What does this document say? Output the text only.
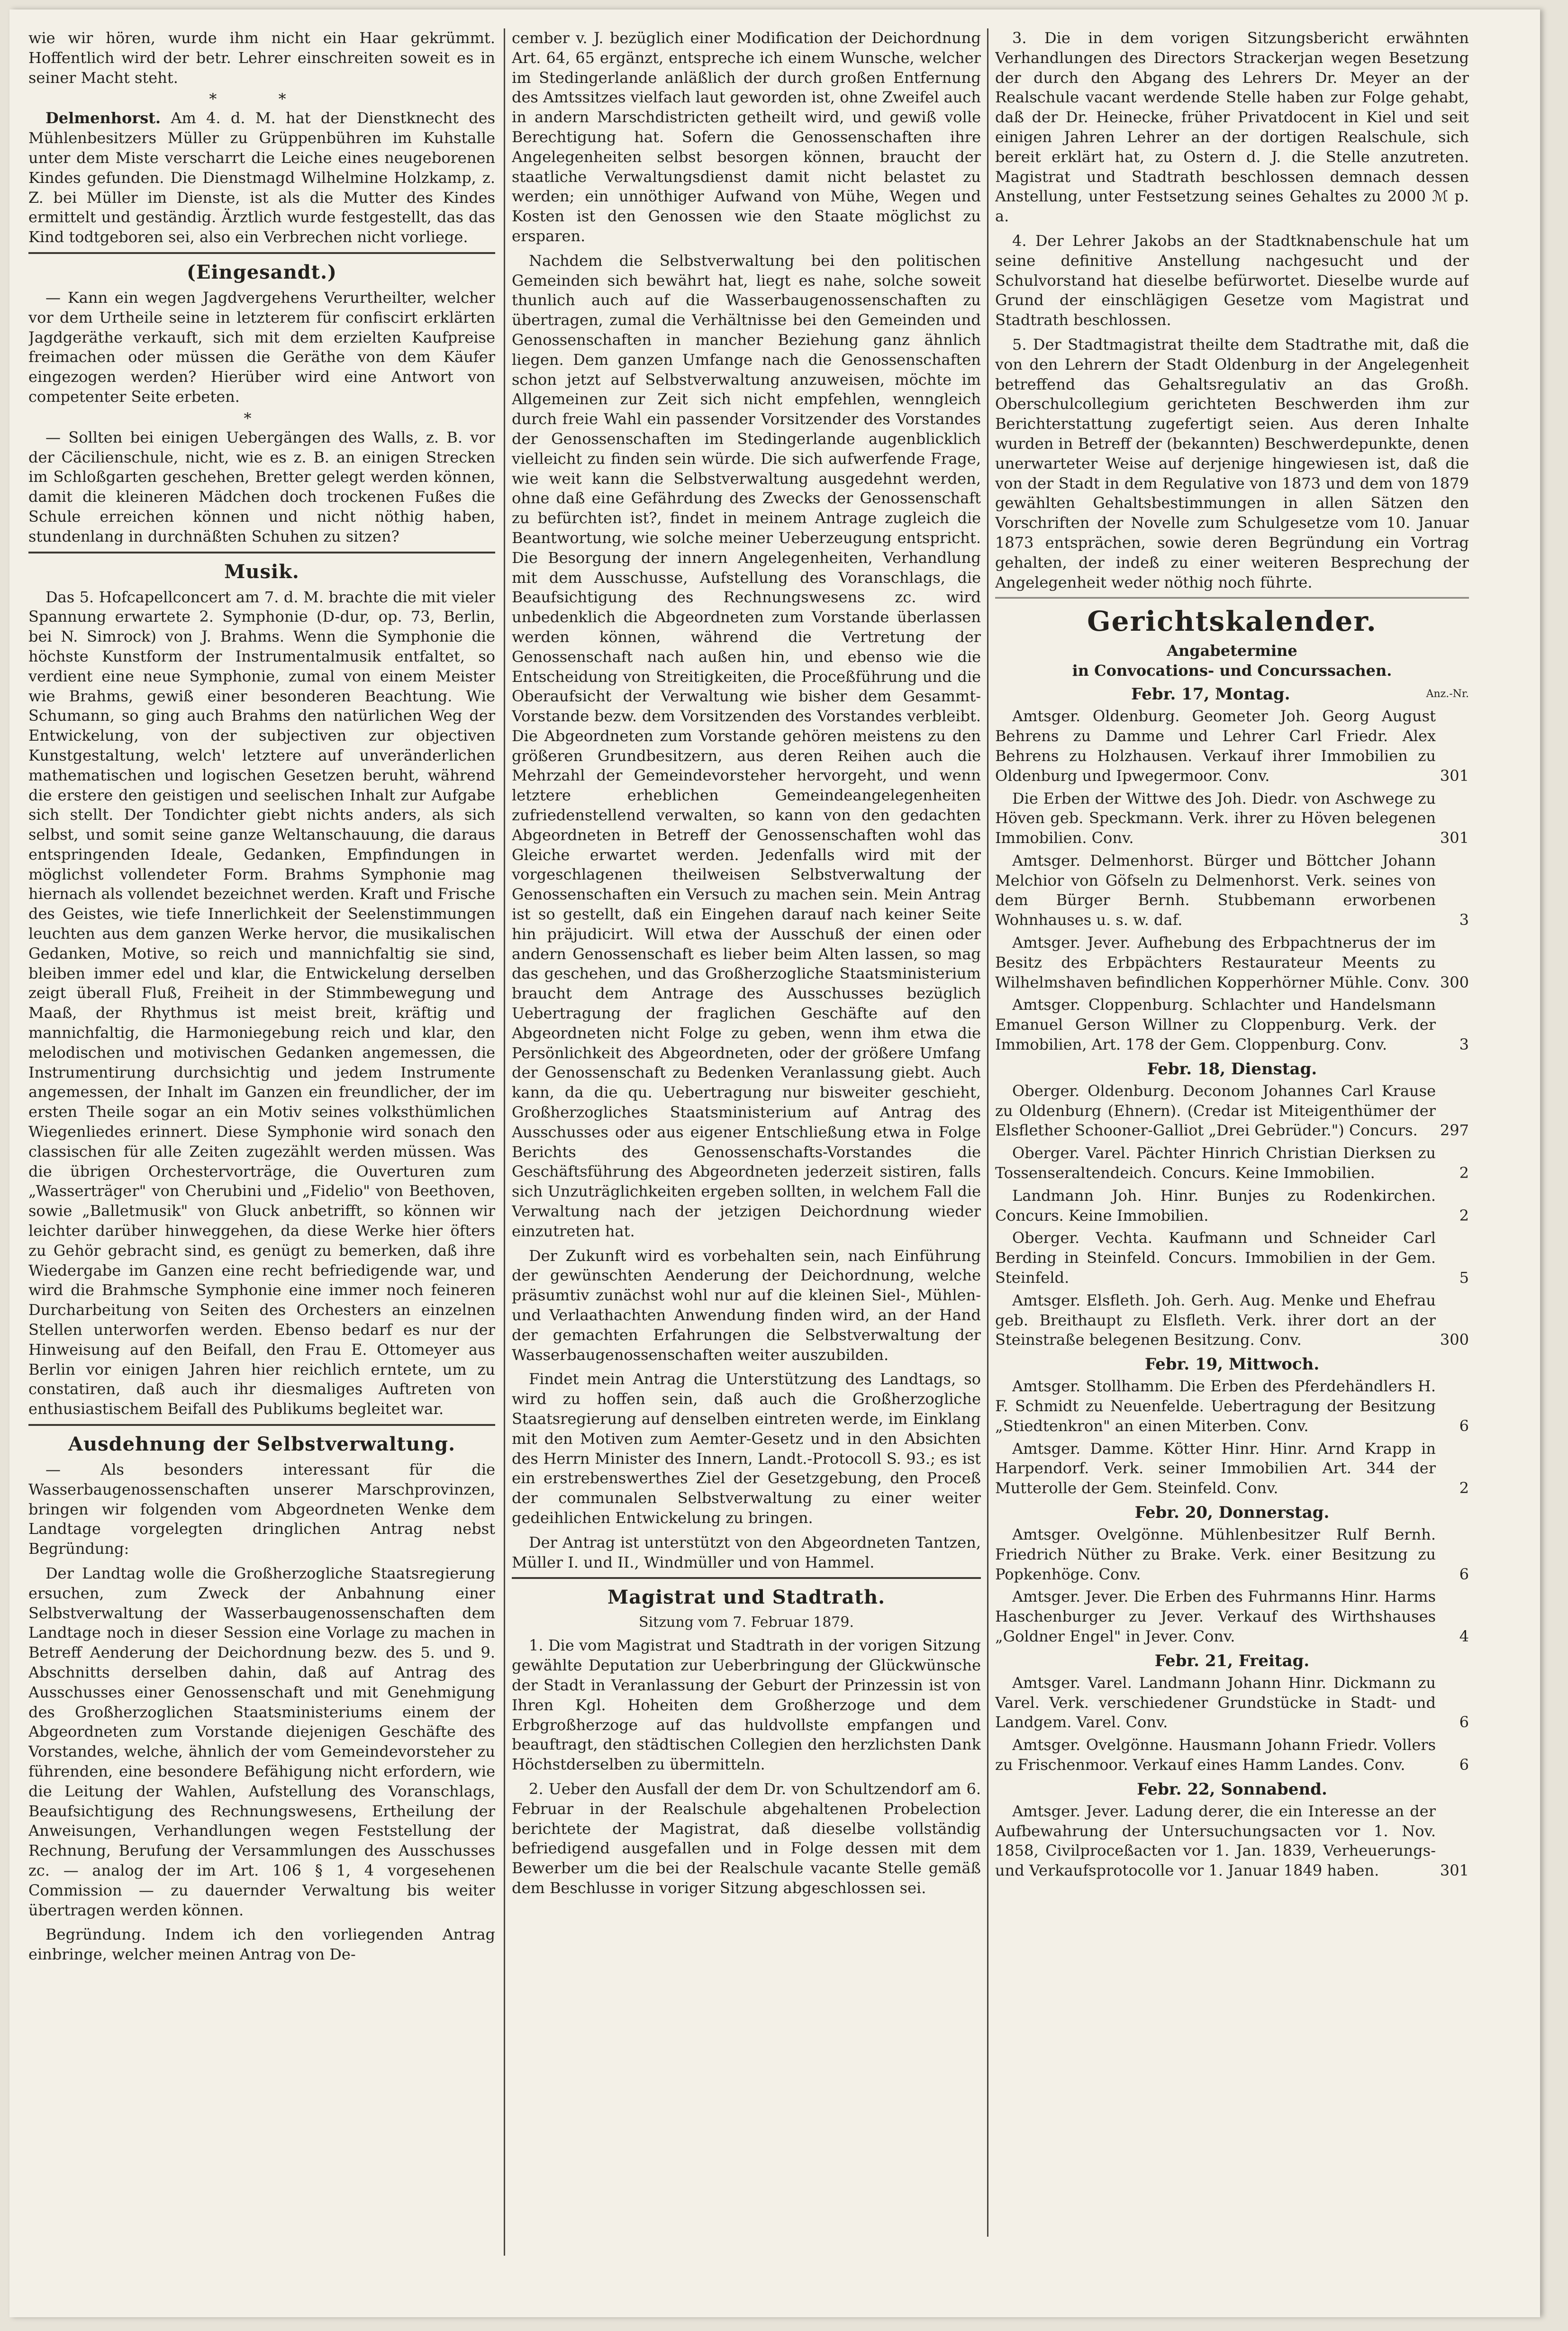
wie wir hören, wurde ihm nicht ein Haar gekrümmt. Hoffentlich wird der betr. Lehrer einschreiten soweit es in seiner Macht steht.

* *

Delmenhorst. Am 4. d. M. hat der Dienstknecht des Mühlenbesitzers Müller zu Grüppenbühren im Kuhstalle unter dem Miste verscharrt die Leiche eines neugeborenen Kindes gefunden. Die Dienstmagd Wilhelmine Holzkamp, z. Z. bei Müller im Dienste, ist als die Mutter des Kindes ermittelt und geständig. Ärztlich wurde festgestellt, das das Kind todtgeboren sei, also ein Verbrechen nicht vorliege.

(Eingesandt.)

— Kann ein wegen Jagdvergehens Verurtheilter, welcher vor dem Urtheile seine in letzterem für confiscirt erklärten Jagdgeräthe verkauft, sich mit dem erzielten Kaufpreise freimachen oder müssen die Geräthe von dem Käufer eingezogen werden? Hierüber wird eine Antwort von competenter Seite erbeten.

*

— Sollten bei einigen Uebergängen des Walls, z. B. vor der Cäcilienschule, nicht, wie es z. B. an einigen Strecken im Schloßgarten geschehen, Bretter gelegt werden können, damit die kleineren Mädchen doch trockenen Fußes die Schule erreichen können und nicht nöthig haben, stundenlang in durchnäßten Schuhen zu sitzen?

Musik.

Das 5. Hofcapellconcert am 7. d. M. brachte die mit vieler Spannung erwartete 2. Symphonie (D-dur, op. 73, Berlin, bei N. Simrock) von J. Brahms. Wenn die Symphonie die höchste Kunstform der Instrumentalmusik entfaltet, so verdient eine neue Symphonie, zumal von einem Meister wie Brahms, gewiß einer besonderen Beachtung. Wie Schumann, so ging auch Brahms den natürlichen Weg der Entwickelung, von der subjectiven zur objectiven Kunstgestaltung, welch' letztere auf unveränderlichen mathematischen und logischen Gesetzen beruht, während die erstere den geistigen und seelischen Inhalt zur Aufgabe sich stellt. Der Tondichter giebt nichts anders, als sich selbst, und somit seine ganze Weltanschauung, die daraus entspringenden Ideale, Gedanken, Empfindungen in möglichst vollendeter Form. Brahms Symphonie mag hiernach als vollendet bezeichnet werden. Kraft und Frische des Geistes, wie tiefe Innerlichkeit der Seelenstimmungen leuchten aus dem ganzen Werke hervor, die musikalischen Gedanken, Motive, so reich und mannichfaltig sie sind, bleiben immer edel und klar, die Entwickelung derselben zeigt überall Fluß, Freiheit in der Stimmbewegung und Maaß, der Rhythmus ist meist breit, kräftig und mannichfaltig, die Harmoniegebung reich und klar, den melodischen und motivischen Gedanken angemessen, die Instrumentirung durchsichtig und jedem Instrumente angemessen, der Inhalt im Ganzen ein freundlicher, der im ersten Theile sogar an ein Motiv seines volksthümlichen Wiegenliedes erinnert. Diese Symphonie wird sonach den classischen für alle Zeiten zugezählt werden müssen. Was die übrigen Orchestervorträge, die Ouverturen zum „Wasserträger" von Cherubini und „Fidelio" von Beethoven, sowie „Balletmusik" von Gluck anbetrifft, so können wir leichter darüber hinweggehen, da diese Werke hier öfters zu Gehör gebracht sind, es genügt zu bemerken, daß ihre Wiedergabe im Ganzen eine recht befriedigende war, und wird die Brahmsche Symphonie eine immer noch feineren Durcharbeitung von Seiten des Orchesters an einzelnen Stellen unterworfen werden. Ebenso bedarf es nur der Hinweisung auf den Beifall, den Frau E. Ottomeyer aus Berlin vor einigen Jahren hier reichlich erntete, um zu constatiren, daß auch ihr diesmaliges Auftreten von enthusiastischem Beifall des Publikums begleitet war.

Ausdehnung der Selbstverwaltung.

— Als besonders interessant für die Wasserbaugenossenschaften unserer Marschprovinzen, bringen wir folgenden vom Abgeordneten Wenke dem Landtage vorgelegten dringlichen Antrag nebst Begründung:

Der Landtag wolle die Großherzogliche Staatsregierung ersuchen, zum Zweck der Anbahnung einer Selbstverwaltung der Wasserbaugenossenschaften dem Landtage noch in dieser Session eine Vorlage zu machen in Betreff Aenderung der Deichordnung bezw. des 5. und 9. Abschnitts derselben dahin, daß auf Antrag des Ausschusses einer Genossenschaft und mit Genehmigung des Großherzoglichen Staatsministeriums einem der Abgeordneten zum Vorstande diejenigen Geschäfte des Vorstandes, welche, ähnlich der vom Gemeindevorsteher zu führenden, eine besondere Befähigung nicht erfordern, wie die Leitung der Wahlen, Aufstellung des Voranschlags, Beaufsichtigung des Rechnungswesens, Ertheilung der Anweisungen, Verhandlungen wegen Feststellung der Rechnung, Berufung der Versammlungen des Ausschusses zc. — analog der im Art. 106 § 1, 4 vorgesehenen Commission — zu dauernder Verwaltung bis weiter übertragen werden können.

Begründung. Indem ich den vorliegenden Antrag einbringe, welcher meinen Antrag von De-

cember v. J. bezüglich einer Modification der Deichordnung Art. 64, 65 ergänzt, entspreche ich einem Wunsche, welcher im Stedingerlande anläßlich der durch großen Entfernung des Amtssitzes vielfach laut geworden ist, ohne Zweifel auch in andern Marschdistricten getheilt wird, und gewiß volle Berechtigung hat. Sofern die Genossenschaften ihre Angelegenheiten selbst besorgen können, braucht der staatliche Verwaltungsdienst damit nicht belastet zu werden; ein unnöthiger Aufwand von Mühe, Wegen und Kosten ist den Genossen wie den Staate möglichst zu ersparen.

Nachdem die Selbstverwaltung bei den politischen Gemeinden sich bewährt hat, liegt es nahe, solche soweit thunlich auch auf die Wasserbaugenossenschaften zu übertragen, zumal die Verhältnisse bei den Gemeinden und Genossenschaften in mancher Beziehung ganz ähnlich liegen. Dem ganzen Umfange nach die Genossenschaften schon jetzt auf Selbstverwaltung anzuweisen, möchte im Allgemeinen zur Zeit sich nicht empfehlen, wenngleich durch freie Wahl ein passender Vorsitzender des Vorstandes der Genossenschaften im Stedingerlande augenblicklich vielleicht zu finden sein würde. Die sich aufwerfende Frage, wie weit kann die Selbstverwaltung ausgedehnt werden, ohne daß eine Gefährdung des Zwecks der Genossenschaft zu befürchten ist?, findet in meinem Antrage zugleich die Beantwortung, wie solche meiner Ueberzeugung entspricht. Die Besorgung der innern Angelegenheiten, Verhandlung mit dem Ausschusse, Aufstellung des Voranschlags, die Beaufsichtigung des Rechnungswesens zc. wird unbedenklich die Abgeordneten zum Vorstande überlassen werden können, während die Vertretung der Genossenschaft nach außen hin, und ebenso wie die Entscheidung von Streitigkeiten, die Proceßführung und die Oberaufsicht der Verwaltung wie bisher dem Gesammt-Vorstande bezw. dem Vorsitzenden des Vorstandes verbleibt. Die Abgeordneten zum Vorstande gehören meistens zu den größeren Grundbesitzern, aus deren Reihen auch die Mehrzahl der Gemeindevorsteher hervorgeht, und wenn letztere erheblichen Gemeindeangelegenheiten zufriedenstellend verwalten, so kann von den gedachten Abgeordneten in Betreff der Genossenschaften wohl das Gleiche erwartet werden. Jedenfalls wird mit der vorgeschlagenen theilweisen Selbstverwaltung der Genossenschaften ein Versuch zu machen sein. Mein Antrag ist so gestellt, daß ein Eingehen darauf nach keiner Seite hin präjudicirt. Will etwa der Ausschuß der einen oder andern Genossenschaft es lieber beim Alten lassen, so mag das geschehen, und das Großherzogliche Staatsministerium braucht dem Antrage des Ausschusses bezüglich Uebertragung der fraglichen Geschäfte auf den Abgeordneten nicht Folge zu geben, wenn ihm etwa die Persönlichkeit des Abgeordneten, oder der größere Umfang der Genossenschaft zu Bedenken Veranlassung giebt. Auch kann, da die qu. Uebertragung nur bisweiter geschieht, Großherzogliches Staatsministerium auf Antrag des Ausschusses oder aus eigener Entschließung etwa in Folge Berichts des Genossenschafts-Vorstandes die Geschäftsführung des Abgeordneten jederzeit sistiren, falls sich Unzuträglichkeiten ergeben sollten, in welchem Fall die Verwaltung nach der jetzigen Deichordnung wieder einzutreten hat.

Der Zukunft wird es vorbehalten sein, nach Einführung der gewünschten Aenderung der Deichordnung, welche präsumtiv zunächst wohl nur auf die kleinen Siel-, Mühlen- und Verlaathachten Anwendung finden wird, an der Hand der gemachten Erfahrungen die Selbstverwaltung der Wasserbaugenossenschaften weiter auszubilden.

Findet mein Antrag die Unterstützung des Landtags, so wird zu hoffen sein, daß auch die Großherzogliche Staatsregierung auf denselben eintreten werde, im Einklang mit den Motiven zum Aemter-Gesetz und in den Absichten des Herrn Minister des Innern, Landt.-Protocoll S. 93.; es ist ein erstrebenswerthes Ziel der Gesetzgebung, den Proceß der communalen Selbstverwaltung zu einer weiter gedeihlichen Entwickelung zu bringen.

Der Antrag ist unterstützt von den Abgeordneten Tantzen, Müller I. und II., Windmüller und von Hammel.

Magistrat und Stadtrath.
Sitzung vom 7. Februar 1879.

1. Die vom Magistrat und Stadtrath in der vorigen Sitzung gewählte Deputation zur Ueberbringung der Glückwünsche der Stadt in Veranlassung der Geburt der Prinzessin ist von Ihren Kgl. Hoheiten dem Großherzoge und dem Erbgroßherzoge auf das huldvollste empfangen und beauftragt, den städtischen Collegien den herzlichsten Dank Höchstderselben zu übermitteln.

2. Ueber den Ausfall der dem Dr. von Schultzendorf am 6. Februar in der Realschule abgehaltenen Probelection berichtete der Magistrat, daß dieselbe vollständig befriedigend ausgefallen und in Folge dessen mit dem Bewerber um die bei der Realschule vacante Stelle gemäß dem Beschlusse in voriger Sitzung abgeschlossen sei.

3. Die in dem vorigen Sitzungsbericht erwähnten Verhandlungen des Directors Strackerjan wegen Besetzung der durch den Abgang des Lehrers Dr. Meyer an der Realschule vacant werdende Stelle haben zur Folge gehabt, daß der Dr. Heinecke, früher Privatdocent in Kiel und seit einigen Jahren Lehrer an der dortigen Realschule, sich bereit erklärt hat, zu Ostern d. J. die Stelle anzutreten. Magistrat und Stadtrath beschlossen demnach dessen Anstellung, unter Festsetzung seines Gehaltes zu 2000 ℳ p. a.

4. Der Lehrer Jakobs an der Stadtknabenschule hat um seine definitive Anstellung nachgesucht und der Schulvorstand hat dieselbe befürwortet. Dieselbe wurde auf Grund der einschlägigen Gesetze vom Magistrat und Stadtrath beschlossen.

5. Der Stadtmagistrat theilte dem Stadtrathe mit, daß die von den Lehrern der Stadt Oldenburg in der Angelegenheit betreffend das Gehaltsregulativ an das Großh. Oberschulcollegium gerichteten Beschwerden ihm zur Berichterstattung zugefertigt seien. Aus deren Inhalte wurden in Betreff der (bekannten) Beschwerdepunkte, denen unerwarteter Weise auf derjenige hingewiesen ist, daß die von der Stadt in dem Regulative von 1873 und dem von 1879 gewählten Gehaltsbestimmungen in allen Sätzen den Vorschriften der Novelle zum Schulgesetze vom 10. Januar 1873 entsprächen, sowie deren Begründung ein Vortrag gehalten, der indeß zu einer weiteren Besprechung der Angelegenheit weder nöthig noch führte.

Gerichtskalender.
Angabetermine
in Convocations- und Concurssachen.
Febr. 17, Montag.	Anz.-Nr.
Amtsger. Oldenburg. Geometer Joh. Georg August Behrens zu Damme und Lehrer Carl Friedr. Alex Behrens zu Holzhausen. Verkauf ihrer Immobilien zu Oldenburg und Ipwegermoor. Conv.	301
Die Erben der Wittwe des Joh. Diedr. von Aschwege zu Höven geb. Speckmann. Verk. ihrer zu Höven belegenen Immobilien. Conv.	301
Amtsger. Delmenhorst. Bürger und Böttcher Johann Melchior von Göfseln zu Delmenhorst. Verk. seines von dem Bürger Bernh. Stubbemann erworbenen Wohnhauses u. s. w. daf.	3
Amtsger. Jever. Aufhebung des Erbpachtnerus der im Besitz des Erbpächters Restaurateur Meents zu Wilhelmshaven befindlichen Kopperhörner Mühle. Conv. 300
Amtsger. Cloppenburg. Schlachter und Handelsmann Emanuel Gerson Willner zu Cloppenburg. Verk. der Immobilien, Art. 178 der Gem. Cloppenburg. Conv.	3
Febr. 18, Dienstag.
Oberger. Oldenburg. Deconom Johannes Carl Krause zu Oldenburg (Ehnern). (Credar ist Miteigenthümer der Elsflether Schooner-Galliot „Drei Gebrüder.") Concurs.	297
Oberger. Varel. Pächter Hinrich Christian Dierksen zu Tossenseraltendeich. Concurs. Keine Immobilien.	2
Landmann Joh. Hinr. Bunjes zu Rodenkirchen. Concurs. Keine Immobilien.	2
Oberger. Vechta. Kaufmann und Schneider Carl Berding in Steinfeld. Concurs. Immobilien in der Gem. Steinfeld.	5
Amtsger. Elsfleth. Joh. Gerh. Aug. Menke und Ehefrau geb. Breithaupt zu Elsfleth. Verk. ihrer dort an der Steinstraße belegenen Besitzung. Conv.	300
Febr. 19, Mittwoch.
Amtsger. Stollhamm. Die Erben des Pferdehändlers H. F. Schmidt zu Neuenfelde. Uebertragung der Besitzung „Stiedtenkron" an einen Miterben. Conv.	6
Amtsger. Damme. Kötter Hinr. Hinr. Arnd Krapp in Harpendorf. Verk. seiner Immobilien Art. 344 der Mutterolle der Gem. Steinfeld. Conv.	2
Febr. 20, Donnerstag.
Amtsger. Ovelgönne. Mühlenbesitzer Rulf Bernh. Friedrich Nüther zu Brake. Verk. einer Besitzung zu Popkenhöge. Conv.	6
Amtsger. Jever. Die Erben des Fuhrmanns Hinr. Harms Haschenburger zu Jever. Verkauf des Wirthshauses „Goldner Engel" in Jever. Conv.	4
Febr. 21, Freitag.
Amtsger. Varel. Landmann Johann Hinr. Dickmann zu Varel. Verk. verschiedener Grundstücke in Stadt- und Landgem. Varel. Conv.	6
Amtsger. Ovelgönne. Hausmann Johann Friedr. Vollers zu Frischenmoor. Verkauf eines Hamm Landes. Conv.	6
Febr. 22, Sonnabend.
Amtsger. Jever. Ladung derer, die ein Interesse an der Aufbewahrung der Untersuchungsacten vor 1. Nov. 1858, Civilproceßacten vor 1. Jan. 1839, Verheuerungs- und Verkaufsprotocolle vor 1. Januar 1849 haben.	301
